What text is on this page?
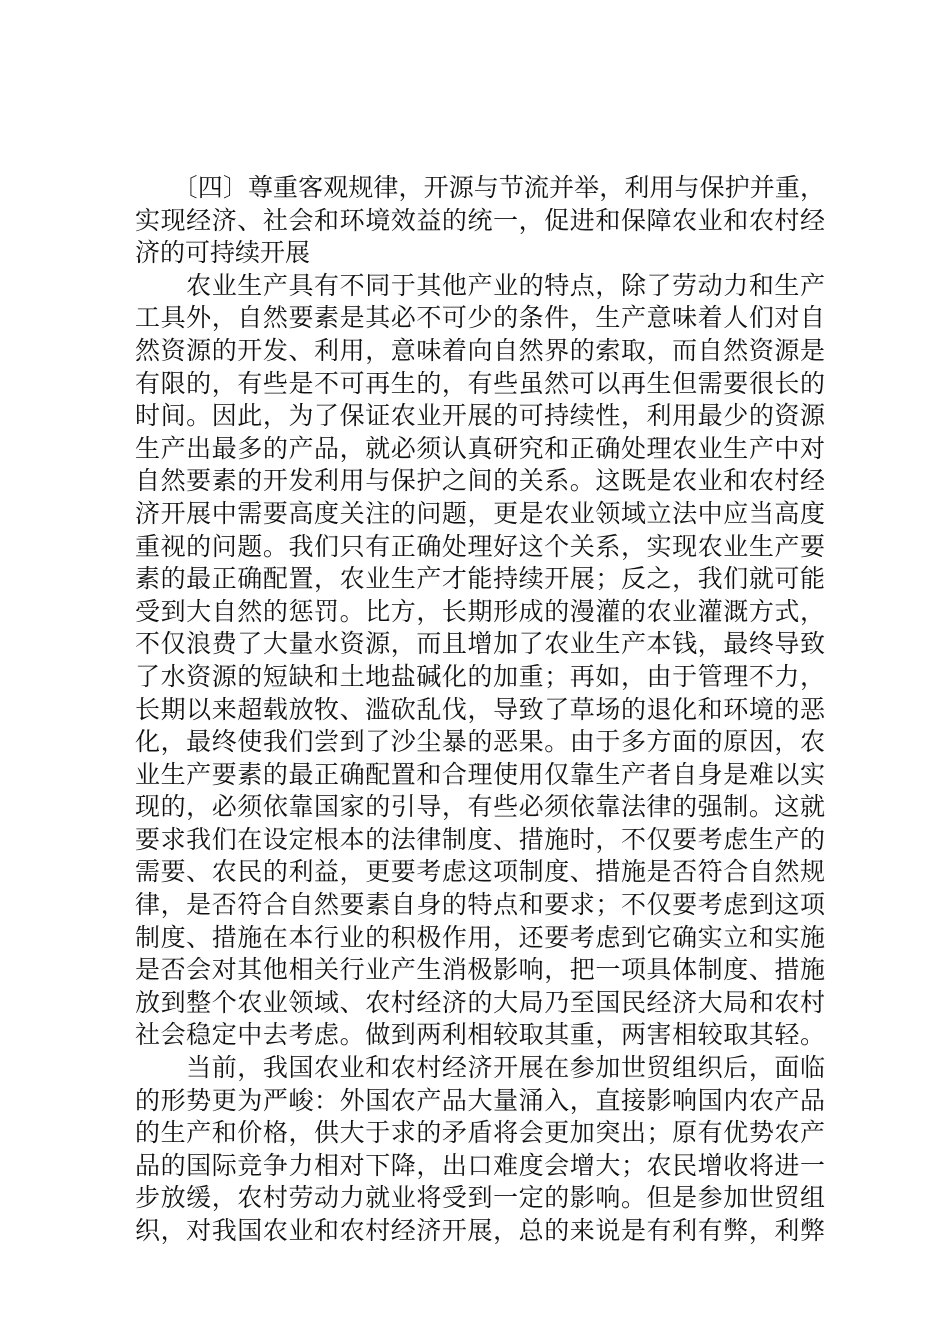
　　〔四〕尊重客观规律，开源与节流并举，利用与保护并重，
实现经济、社会和环境效益的统一，促进和保障农业和农村经
济的可持续开展
　　农业生产具有不同于其他产业的特点，除了劳动力和生产
工具外，自然要素是其必不可少的条件，生产意味着人们对自
然资源的开发、利用，意味着向自然界的索取，而自然资源是
有限的，有些是不可再生的，有些虽然可以再生但需要很长的
时间。因此，为了保证农业开展的可持续性，利用最少的资源
生产出最多的产品，就必须认真研究和正确处理农业生产中对
自然要素的开发利用与保护之间的关系。这既是农业和农村经
济开展中需要高度关注的问题，更是农业领域立法中应当高度
重视的问题。我们只有正确处理好这个关系，实现农业生产要
素的最正确配置，农业生产才能持续开展；反之，我们就可能
受到大自然的惩罚。比方，长期形成的漫灌的农业灌溉方式，
不仅浪费了大量水资源，而且增加了农业生产本钱，最终导致
了水资源的短缺和土地盐碱化的加重；再如，由于管理不力，
长期以来超载放牧、滥砍乱伐，导致了草场的退化和环境的恶
化，最终使我们尝到了沙尘暴的恶果。由于多方面的原因，农
业生产要素的最正确配置和合理使用仅靠生产者自身是难以实
现的，必须依靠国家的引导，有些必须依靠法律的强制。这就
要求我们在设定根本的法律制度、措施时，不仅要考虑生产的
需要、农民的利益，更要考虑这项制度、措施是否符合自然规
律，是否符合自然要素自身的特点和要求；不仅要考虑到这项
制度、措施在本行业的积极作用，还要考虑到它确实立和实施
是否会对其他相关行业产生消极影响，把一项具体制度、措施
放到整个农业领域、农村经济的大局乃至国民经济大局和农村
社会稳定中去考虑。做到两利相较取其重，两害相较取其轻。
　　当前，我国农业和农村经济开展在参加世贸组织后，面临
的形势更为严峻：外国农产品大量涌入，直接影响国内农产品
的生产和价格，供大于求的矛盾将会更加突出；原有优势农产
品的国际竞争力相对下降，出口难度会增大；农民增收将进一
步放缓，农村劳动力就业将受到一定的影响。但是参加世贸组
织，对我国农业和农村经济开展，总的来说是有利有弊，利弊
